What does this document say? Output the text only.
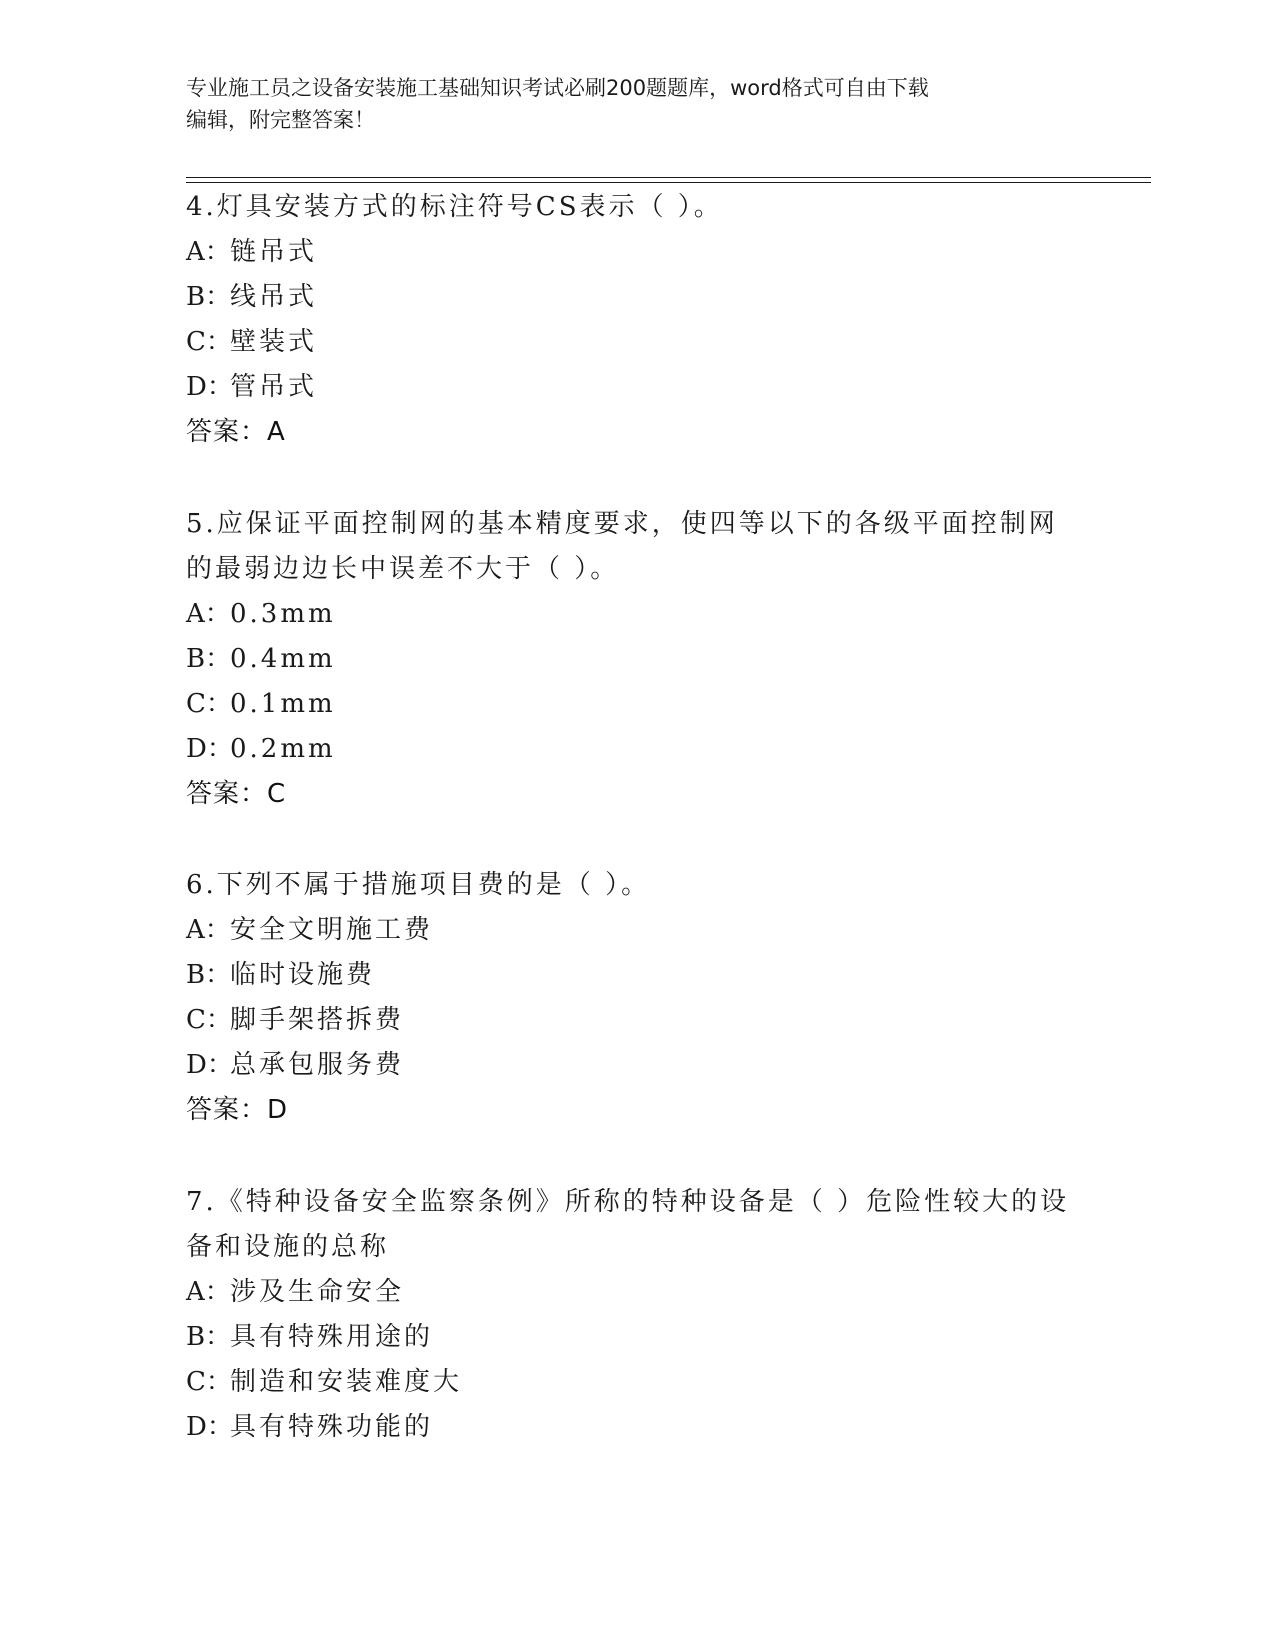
专业施工员之设备安装施工基础知识考试必刷200题题库，word格式可自由下载
编辑，附完整答案！

4.灯具安装方式的标注符号CS表示（ ）。

A：链吊式

B：线吊式

C：壁装式

D：管吊式

答案：A

5.应保证平面控制网的基本精度要求，使四等以下的各级平面控制网

的最弱边边长中误差不大于（ ）。

A：0.3mm

B：0.4mm

C：0.1mm

D：0.2mm

答案：C

6.下列不属于措施项目费的是（ ）。

A：安全文明施工费

B：临时设施费

C：脚手架搭拆费

D：总承包服务费

答案：D

7.《特种设备安全监察条例》所称的特种设备是（ ）危险性较大的设

备和设施的总称

A：涉及生命安全

B：具有特殊用途的

C：制造和安装难度大

D：具有特殊功能的
